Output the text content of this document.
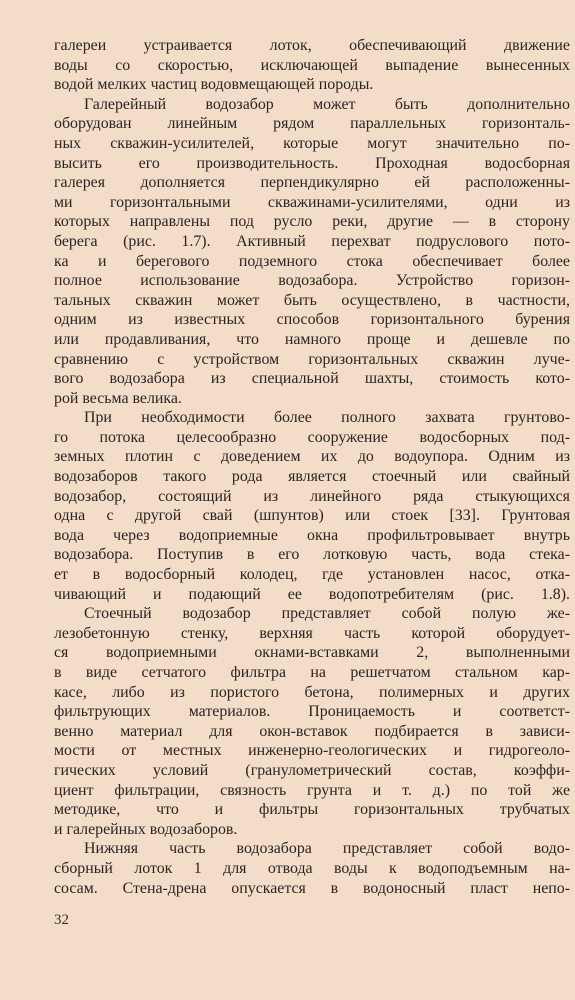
галереи устраивается лоток, обеспечивающий движение
воды со скоростью, исключающей выпадение вынесенных
водой мелких частиц водовмещающей породы.

Галерейный водозабор может быть дополнительно
оборудован линейным рядом параллельных горизонталь-
ных скважин-усилителей, которые могут значительно по-
высить его производительность. Проходная водосборная
галерея дополняется перпендикулярно ей расположенны-
ми горизонтальными скважинами-усилителями, одни из
которых направлены под русло реки, другие — в сторону
берега (рис. 1.7). Активный перехват подруслового пото-
ка и берегового подземного стока обеспечивает более
полное использование водозабора. Устройство горизон-
тальных скважин может быть осуществлено, в частности,
одним из известных способов горизонтального бурения
или продавливания, что намного проще и дешевле по
сравнению с устройством горизонтальных скважин луче-
вого водозабора из специальной шахты, стоимость кото-
рой весьма велика.

При необходимости более полного захвата грунтово-
го потока целесообразно сооружение водосборных под-
земных плотин с доведением их до водоупора. Одним из
водозаборов такого рода является стоечный или свайный
водозабор, состоящий из линейного ряда стыкующихся
одна с другой свай (шпунтов) или стоек [33]. Грунтовая
вода через водоприемные окна профильтровывает внутрь
водозабора. Поступив в его лотковую часть, вода стека-
ет в водосборный колодец, где установлен насос, отка-
чивающий и подающий ее водопотребителям (рис. 1.8).

Стоечный водозабор представляет собой полую же-
лезобетонную стенку, верхняя часть которой оборудует-
ся водоприемными окнами-вставками 2, выполненными
в виде сетчатого фильтра на решетчатом стальном кар-
касе, либо из пористого бетона, полимерных и других
фильтрующих материалов. Проницаемость и соответст-
венно материал для окон-вставок подбирается в зависи-
мости от местных инженерно-геологических и гидрогеоло-
гических условий (гранулометрический состав, коэффи-
циент фильтрации, связность грунта и т. д.) по той же
методике, что и фильтры горизонтальных трубчатых
и галерейных водозаборов.

Нижняя часть водозабора представляет собой водо-
сборный лоток 1 для отвода воды к водоподъемным на-
сосам. Стена-дрена опускается в водоносный пласт непо-

32
